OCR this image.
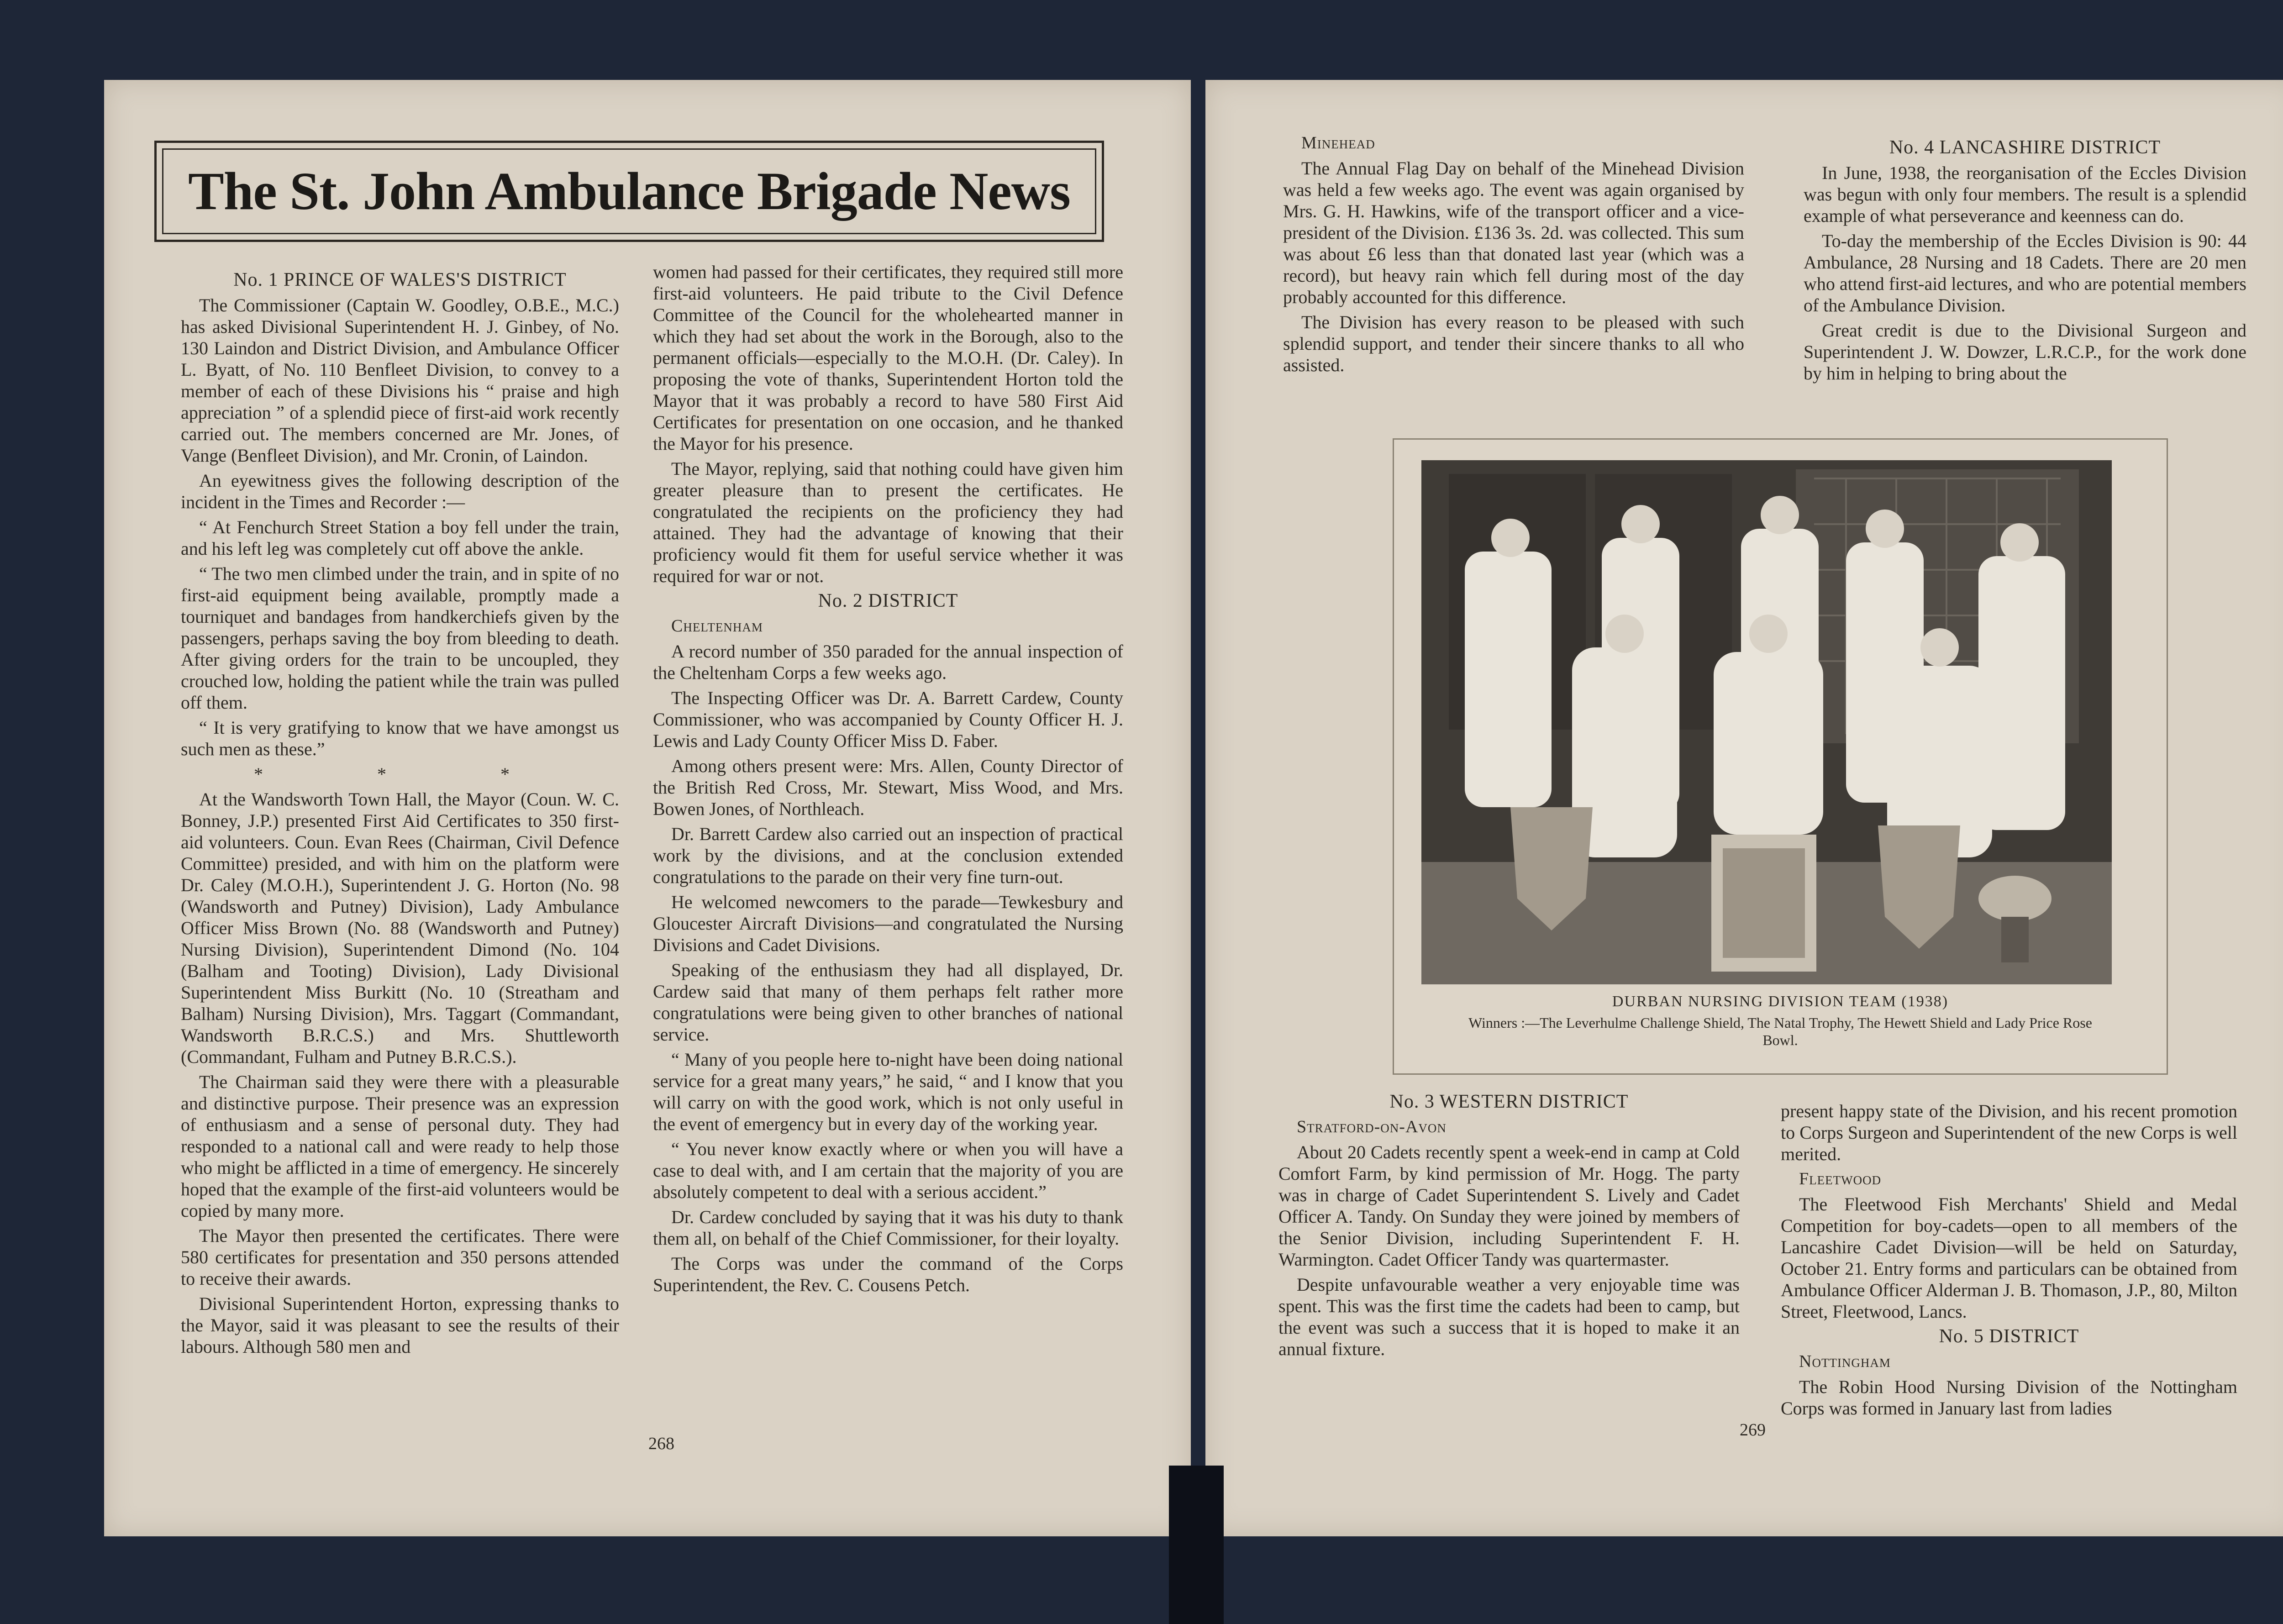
The St. John Ambulance Brigade News

No. 1 PRINCE OF WALES'S DISTRICT

The Commissioner (Captain W. Goodley, O.B.E., M.C.) has asked Divisional Superintendent H. J. Ginbey, of No. 130 Laindon and District Division, and Ambulance Officer L. Byatt, of No. 110 Benfleet Division, to convey to a member of each of these Divisions his “ praise and high appreciation ” of a splendid piece of first-aid work recently carried out. The members concerned are Mr. Jones, of Vange (Benfleet Division), and Mr. Cronin, of Laindon.

An eyewitness gives the following description of the incident in the Times and Recorder :—

“ At Fenchurch Street Station a boy fell under the train, and his left leg was completely cut off above the ankle.

“ The two men climbed under the train, and in spite of no first-aid equipment being available, promptly made a tourniquet and bandages from handkerchiefs given by the passengers, perhaps saving the boy from bleeding to death. After giving orders for the train to be uncoupled, they crouched low, holding the patient while the train was pulled off them.

“ It is very gratifying to know that we have amongst us such men as these.”

* * *

At the Wandsworth Town Hall, the Mayor (Coun. W. C. Bonney, J.P.) presented First Aid Certificates to 350 first-aid volunteers. Coun. Evan Rees (Chairman, Civil Defence Committee) presided, and with him on the platform were Dr. Caley (M.O.H.), Superintendent J. G. Horton (No. 98 (Wandsworth and Putney) Division), Lady Ambulance Officer Miss Brown (No. 88 (Wandsworth and Putney) Nursing Division), Superintendent Dimond (No. 104 (Balham and Tooting) Division), Lady Divisional Superintendent Miss Burkitt (No. 10 (Streatham and Balham) Nursing Division), Mrs. Taggart (Commandant, Wandsworth B.R.C.S.) and Mrs. Shuttleworth (Commandant, Fulham and Putney B.R.C.S.).

The Chairman said they were there with a pleasurable and distinctive purpose. Their presence was an expression of enthusiasm and a sense of personal duty. They had responded to a national call and were ready to help those who might be afflicted in a time of emergency. He sincerely hoped that the example of the first-aid volunteers would be copied by many more.

The Mayor then presented the certificates. There were 580 certificates for presentation and 350 persons attended to receive their awards.

Divisional Superintendent Horton, expressing thanks to the Mayor, said it was pleasant to see the results of their labours. Although 580 men and

women had passed for their certificates, they required still more first-aid volunteers. He paid tribute to the Civil Defence Committee of the Council for the wholehearted manner in which they had set about the work in the Borough, also to the permanent officials—especially to the M.O.H. (Dr. Caley). In proposing the vote of thanks, Superintendent Horton told the Mayor that it was probably a record to have 580 First Aid Certificates for presentation on one occasion, and he thanked the Mayor for his presence.

The Mayor, replying, said that nothing could have given him greater pleasure than to present the certificates. He congratulated the recipients on the proficiency they had attained. They had the advantage of knowing that their proficiency would fit them for useful service whether it was required for war or not.

No. 2 DISTRICT

Cheltenham

A record number of 350 paraded for the annual inspection of the Cheltenham Corps a few weeks ago.

The Inspecting Officer was Dr. A. Barrett Cardew, County Commissioner, who was accompanied by County Officer H. J. Lewis and Lady County Officer Miss D. Faber.

Among others present were: Mrs. Allen, County Director of the British Red Cross, Mr. Stewart, Miss Wood, and Mrs. Bowen Jones, of Northleach.

Dr. Barrett Cardew also carried out an inspection of practical work by the divisions, and at the conclusion extended congratulations to the parade on their very fine turn-out.

He welcomed newcomers to the parade—Tewkesbury and Gloucester Aircraft Divisions—and congratulated the Nursing Divisions and Cadet Divisions.

Speaking of the enthusiasm they had all displayed, Dr. Cardew said that many of them perhaps felt rather more congratulations were being given to other branches of national service.

“ Many of you people here to-night have been doing national service for a great many years,” he said, “ and I know that you will carry on with the good work, which is not only useful in the event of emergency but in every day of the working year.

“ You never know exactly where or when you will have a case to deal with, and I am certain that the majority of you are absolutely competent to deal with a serious accident.”

Dr. Cardew concluded by saying that it was his duty to thank them all, on behalf of the Chief Commissioner, for their loyalty.

The Corps was under the command of the Corps Superintendent, the Rev. C. Cousens Petch.

268

Minehead

The Annual Flag Day on behalf of the Minehead Division was held a few weeks ago. The event was again organised by Mrs. G. H. Hawkins, wife of the transport officer and a vice-president of the Division. £136 3s. 2d. was collected. This sum was about £6 less than that donated last year (which was a record), but heavy rain which fell during most of the day probably accounted for this difference.

The Division has every reason to be pleased with such splendid support, and tender their sincere thanks to all who assisted.

No. 4 LANCASHIRE DISTRICT

In June, 1938, the reorganisation of the Eccles Division was begun with only four members. The result is a splendid example of what perseverance and keenness can do.

To-day the membership of the Eccles Division is 90: 44 Ambulance, 28 Nursing and 18 Cadets. There are 20 men who attend first-aid lectures, and who are potential members of the Ambulance Division.

Great credit is due to the Divisional Surgeon and Superintendent J. W. Dowzer, L.R.C.P., for the work done by him in helping to bring about the

DURBAN NURSING DIVISION TEAM (1938)
Winners :—The Leverhulme Challenge Shield, The Natal Trophy, The Hewett Shield and Lady Price Rose Bowl.

No. 3 WESTERN DISTRICT

Stratford-on-Avon

About 20 Cadets recently spent a week-end in camp at Cold Comfort Farm, by kind permission of Mr. Hogg. The party was in charge of Cadet Superintendent S. Lively and Cadet Officer A. Tandy. On Sunday they were joined by members of the Senior Division, including Superintendent F. H. Warmington. Cadet Officer Tandy was quartermaster.

Despite unfavourable weather a very enjoyable time was spent. This was the first time the cadets had been to camp, but the event was such a success that it is hoped to make it an annual fixture.

present happy state of the Division, and his recent promotion to Corps Surgeon and Superintendent of the new Corps is well merited.

Fleetwood

The Fleetwood Fish Merchants' Shield and Medal Competition for boy-cadets—open to all members of the Lancashire Cadet Division—will be held on Saturday, October 21. Entry forms and particulars can be obtained from Ambulance Officer Alderman J. B. Thomason, J.P., 80, Milton Street, Fleetwood, Lancs.

No. 5 DISTRICT

Nottingham

The Robin Hood Nursing Division of the Nottingham Corps was formed in January last from ladies

269
